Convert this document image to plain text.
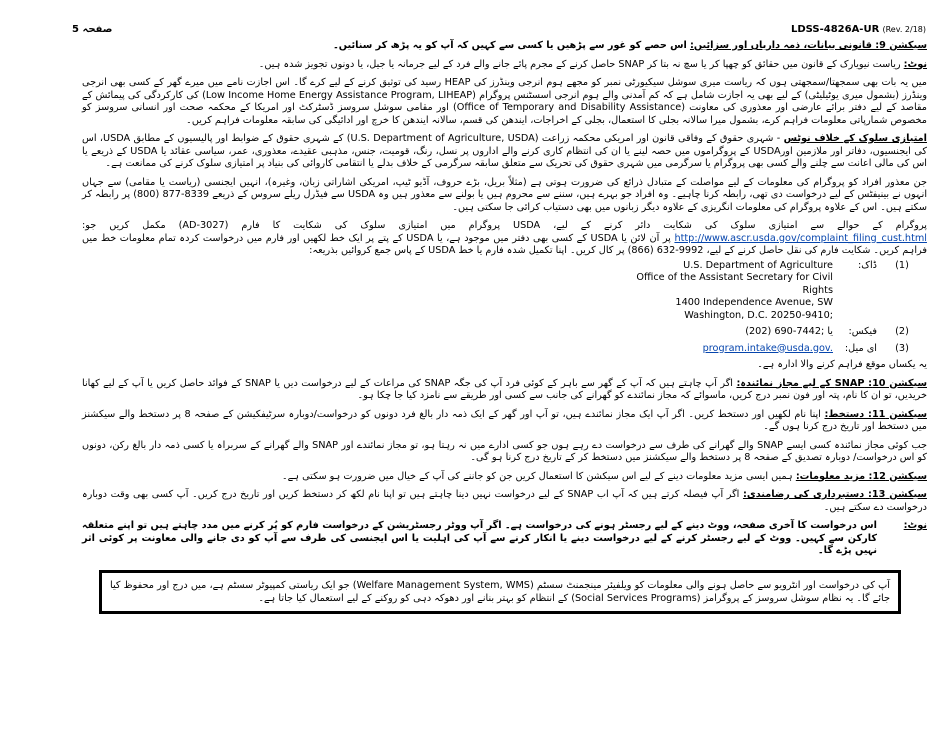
LDSS-4826A-UR (Rev. 2/18)
صفحہ 5

سیکشن 9: قانونی بیانات، ذمہ داریاں اور سزائیں: اس حصے کو غور سے پڑھیں یا کسی سے کہیں کہ آپ کو یہ پڑھ کر سنائیں۔

نوٹ: ریاست نیویارک کے قانون میں حقائق کو چھپا کر یا سچ نہ بتا کر SNAP حاصل کرنے کے مجرم پائے جانے والے فرد کے لیے جرمانہ یا جیل، یا دونوں تجویز شدہ ہیں۔

میں یہ بات بھی سمجھتا/سمجھتی ہوں کہ ریاست میری سوشل سیکیورٹی نمبر کو مجھے ہوم انرجی وینڈرز کی HEAP رسید کی توثیق کرنے کے لیے کرے گا۔ اس اجازت نامے میں میرے گھر کے کسی بھی انرجی وینڈرز (بشمول میری یوٹیلیٹی) کے لیے بھی یہ اجازت شامل ہے کہ کم آمدنی والے ہوم انرجی اسسٹنس پروگرام (Low Income Home Energy Assistance Program, LIHEAP) کی کارکردگی کی پیمائش کے مقاصد کے لیے دفتر برائے عارضی اور معذوری کی معاونت (Office of Temporary and Disability Assistance) اور مقامی سوشل سروسز ڈسٹرکٹ اور امریکا کے محکمہ صحت اور انسانی سروسز کو مخصوص شمارپاتی معلومات فراہم کرے، بشمول میرا سالانہ بجلی کا استعمال، بجلی کے اخراجات، ایندھن کی قسم، سالانہ ایندھن کا خرچ اور ادائیگی کی سابقہ معلومات فراہم کریں۔

امتیازی سلوک کے خلاف نوٹس - شہری حقوق کے وفاقی قانون اور امریکی محکمہ زراعت (U.S. Department of Agriculture, USDA) کے شہری حقوق کے ضوابط اور پالیسیوں کے مطابق USDA، اس کی ایجنسیوں، دفاتر اور ملازمین اورUSDA کے پروگراموں میں حصہ لینے یا ان کی انتظام کاری کرنے والے اداروں پر نسل، رنگ، قومیت، جنس، مذہبی عقیدے، معذوری، عمر، سیاسی عقائد یا USDA کے ذریعے یا اس کی مالی اعانت سے چلنے والے کسی بھی پروگرام یا سرگرمی میں شہری حقوق کی تحریک سے متعلق سابقہ سرگرمی کے خلاف بدلے یا انتقامی کاروائی کی بنیاد پر امتیازی سلوک کرنے کی ممانعت ہے۔

جن معذور افراد کو پروگرام کی معلومات کے لیے مواصلت کے متبادل ذرائع کی ضرورت ہوتی ہے (مثلاً بریل، بڑے حروف، آڈیو ٹیپ، امریکی اشاراتی زبان، وغیرہ)، انہیں ایجنسی (ریاست یا مقامی) سے جہاں انہوں نے بینیفٹس کے لیے درخواست دی تھی، رابطہ کرنا چاہیے۔ وہ افراد جو بہرے ہیں، سننے سے محروم ہیں یا بولنے سے معذور ہیں وہ USDA سے فیڈرل ریلے سروس کے ذریعے 8339-877 (800) پر رابطہ کر سکتے ہیں۔ اس کے علاوہ پروگرام کی معلومات انگریزی کے علاوہ دیگر زبانوں میں بھی دستیاب کرائی جا سکتی ہیں۔

پروگرام کے حوالے سے امتیازی سلوک کی شکایت دائر کرنے کے لیے، USDA پروگرام میں امتیازی سلوک کی شکایت کا فارم (AD-3027) مکمل کریں جو: http://www.ascr.usda.gov/complaint_filing_cust.html پر آن لائن یا USDA کے کسی بھی دفتر میں موجود ہے، یا USDA کے پتے پر ایک خط لکھیں اور فارم میں درخواست کردہ تمام معلومات خط میں فراہم کریں۔ شکایت فارم کی نقل حاصل کرنے کے لیے، 9992-632 (866) پر کال کریں۔ اپنا تکمیل شدہ فارم یا خط USDA کے پاس جمع کروائیں بذریعہ:

(1)
ڈاک:
U.S. Department of Agriculture
Office of the Assistant Secretary for Civil Rights
1400 Independence Avenue, SW
Washington, D.C. 20250-9410;
(2)
فیکس:
(202) 690-7442; یا
(3)
ای میل:
program.intake@usda.gov.

یہ یکساں موقع فراہم کرنے والا ادارہ ہے۔

سیکشن 10: SNAP کے لیے مجاز نمائندہ: اگر آپ چاہتے ہیں کہ آپ کے گھر سے باہر کے کوئی فرد آپ کی جگہ SNAP کی مراعات کے لیے درخواست دیں یا SNAP کے فوائد حاصل کریں یا آپ کے لیے کھانا خریدیں، تو ان کا نام، پتہ اور فون نمبر درج کریں، ماسوائے کہ مجاز نمائندے کو گھرانے کی جانب سے کسی اور طریقے سے نامزد کیا جا چکا ہو۔

سیکشن 11: دستخط: اپنا نام لکھیں اور دستخط کریں۔ اگر آپ ایک مجاز نمائندے ہیں، تو آپ اور گھر کے ایک ذمہ دار بالغ فرد دونوں کو درخواست/دوبارہ سرٹیفکیشن کے صفحہ 8 پر دستخط والے سیکشنز میں دستخط اور تاریخ درج کرنا ہوں گے۔

جب کوئی مجاز نمائندہ کسی ایسے SNAP والے گھرانے کی طرف سے درخواست دے رہے ہوں جو کسی ادارے میں نہ رہتا ہو، تو مجاز نمائندے اور SNAP والے گھرانے کے سربراہ یا کسی ذمہ دار بالغ رکن، دونوں کو اس درخواست/ دوبارہ تصدیق کے صفحہ 8 پر دستخط والے سیکشنز میں دستخط کر کے تاریخ درج کرنا ہو گی۔

سیکشن 12: مزید معلومات: ہمیں ایسی مزید معلومات دینے کے لیے اس سیکشن کا استعمال کریں جن کو جاننے کی آپ کے خیال میں ضرورت ہو سکتی ہے۔

سیکشن 13: دستبرداری کی رضامندی: اگر آپ فیصلہ کرتے ہیں کہ آپ اب SNAP کے لیے درخواست نہیں دینا چاہتے ہیں تو اپنا نام لکھ کر دستخط کریں اور تاریخ درج کریں۔ آپ کسی بھی وقت دوبارہ درخواست دے سکتے ہیں۔

نوٹ:
اس درخواست کا آخری صفحہ، ووٹ دینے کے لیے رجسٹر ہونے کی درخواست ہے۔ اگر آپ ووٹر رجسٹریشن کے درخواست فارم کو پُر کرنے میں مدد چاہتے ہیں تو اپنے متعلقہ کارکن سے کہیں۔ ووٹ کے لیے رجسٹر کرنے کے لیے درخواست دینے یا انکار کرنے سے آپ کی اہلیت یا اس ایجنسی کی طرف سے آپ کو دی جانے والی معاونت پر کوئی اثر نہیں پڑے گا۔
آپ کی درخواست اور انٹرویو سے حاصل ہونے والی معلومات کو ویلفیئر مینجمنٹ سسٹم (Welfare Management System, WMS) جو ایک ریاستی کمپیوٹر سسٹم ہے، میں درج اور محفوظ کیا جائے گا۔ یہ نظام سوشل سروسز کے پروگرامز (Social Services Programs) کے انتظام کو بہتر بنانے اور دھوکہ دہی کو روکنے کے لیے استعمال کیا جاتا ہے۔
